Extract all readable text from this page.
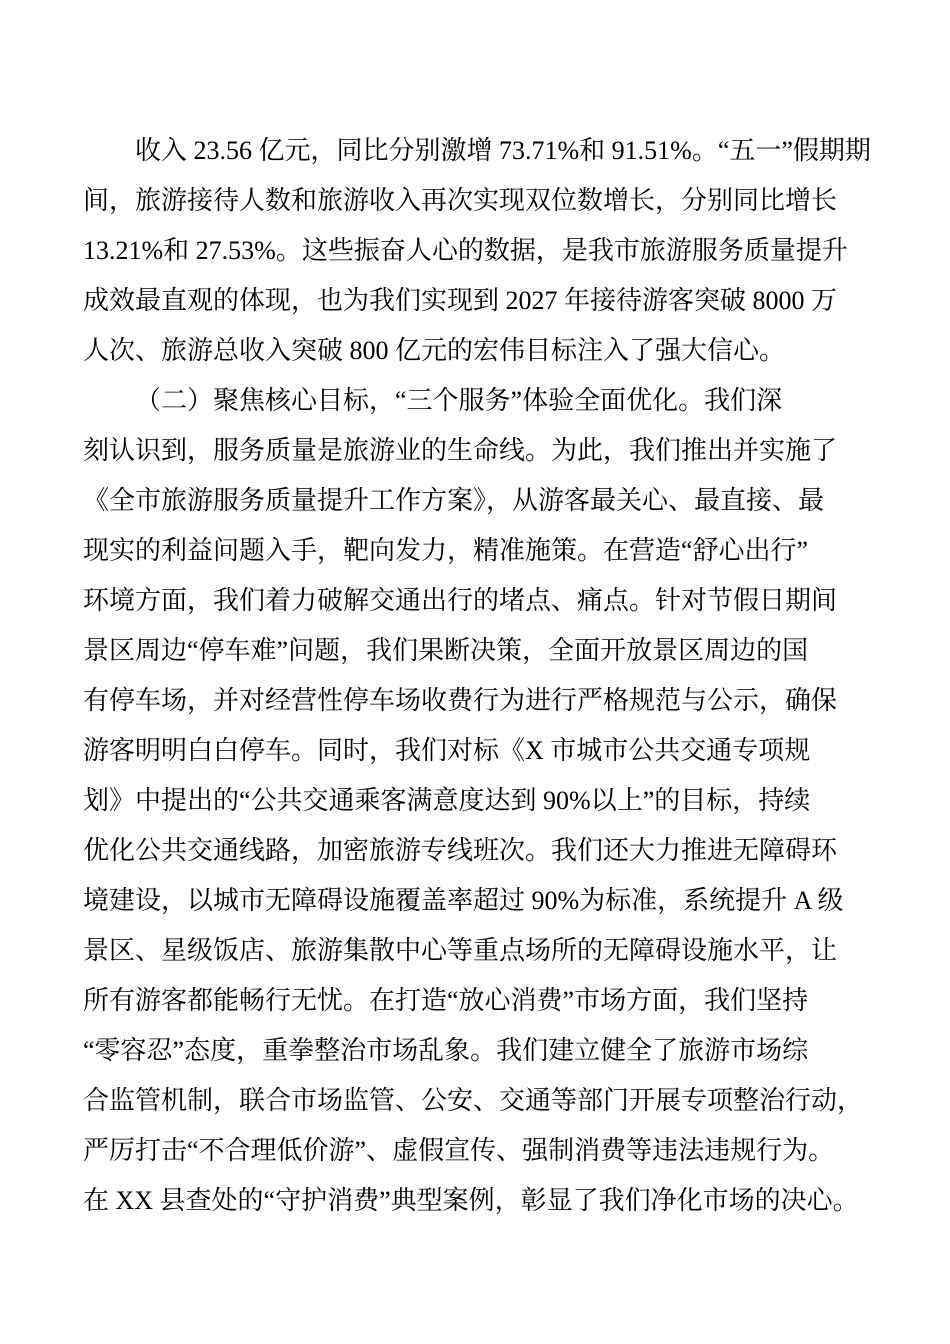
收入 23.56 亿元，同比分别激增 73.71%和 91.51%。“五一”假期期
间，旅游接待人数和旅游收入再次实现双位数增长，分别同比增长
13.21%和 27.53%。这些振奋人心的数据，是我市旅游服务质量提升
成效最直观的体现，也为我们实现到 2027 年接待游客突破 8000 万
人次、旅游总收入突破 800 亿元的宏伟目标注入了强大信心。
（二）聚焦核心目标，“三个服务”体验全面优化。我们深
刻认识到，服务质量是旅游业的生命线。为此，我们推出并实施了
《全市旅游服务质量提升工作方案》，从游客最关心、最直接、最
现实的利益问题入手，靶向发力，精准施策。在营造“舒心出行”
环境方面，我们着力破解交通出行的堵点、痛点。针对节假日期间
景区周边“停车难”问题，我们果断决策，全面开放景区周边的国
有停车场，并对经营性停车场收费行为进行严格规范与公示，确保
游客明明白白停车。同时，我们对标《X 市城市公共交通专项规
划》中提出的“公共交通乘客满意度达到 90%以上”的目标，持续
优化公共交通线路，加密旅游专线班次。我们还大力推进无障碍环
境建设，以城市无障碍设施覆盖率超过 90%为标准，系统提升 A 级
景区、星级饭店、旅游集散中心等重点场所的无障碍设施水平，让
所有游客都能畅行无忧。在打造“放心消费”市场方面，我们坚持
“零容忍”态度，重拳整治市场乱象。我们建立健全了旅游市场综
合监管机制，联合市场监管、公安、交通等部门开展专项整治行动，
严厉打击“不合理低价游”、虚假宣传、强制消费等违法违规行为。
在 XX 县查处的“守护消费”典型案例，彰显了我们净化市场的决心。
